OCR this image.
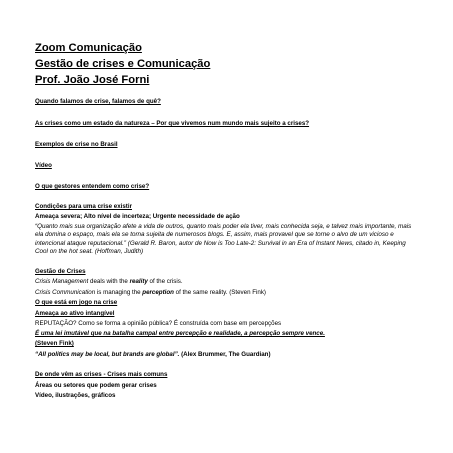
Zoom Comunicação
Gestão de crises e Comunicação
Prof. João José Forni
Quando falamos de crise, falamos de quê?
As crises como um estado da natureza – Por que vivemos num mundo mais sujeito a crises?
Exemplos de crise no Brasil
Vídeo
O que gestores entendem como crise?
Condições para uma crise existir
Ameaça severa; Alto nível de incerteza; Urgente necessidade de ação
“Quanto mais sua organização afete a vida de outros, quanto mais poder ela tiver, mais conhecida seja, e talvez mais importante, mais ela domina o espaço, mais ela se torna sujeita de numerosos blogs. E, assim, mais provavel que se torne o alvo de um vicioso e intencional ataque reputacional.” (Gerald R. Baron, autor de Now is Too Late-2: Survival in an Era of Instant News, citado in, Keeping Cool on the hot seat. (Hoffman, Judith)
Gestão de Crises
Crisis Management deals with the reality of the crisis.
Crisis Communication is managing the perception of the same reality. (Steven Fink)
O que está em jogo na crise
Ameaça ao ativo intangível
REPUTAÇÃO? Como se forma a opinião pública? É construída com base em percepções
É uma lei imutável que na batalha campal entre percepção e realidade, a percepção sempre vence.
(Steven Fink)
“All politics may be local, but brands are global”. (Alex Brummer, The Guardian)
De onde vêm as crises - Crises mais comuns
Áreas ou setores que podem gerar crises
Vídeo, ilustrações, gráficos
